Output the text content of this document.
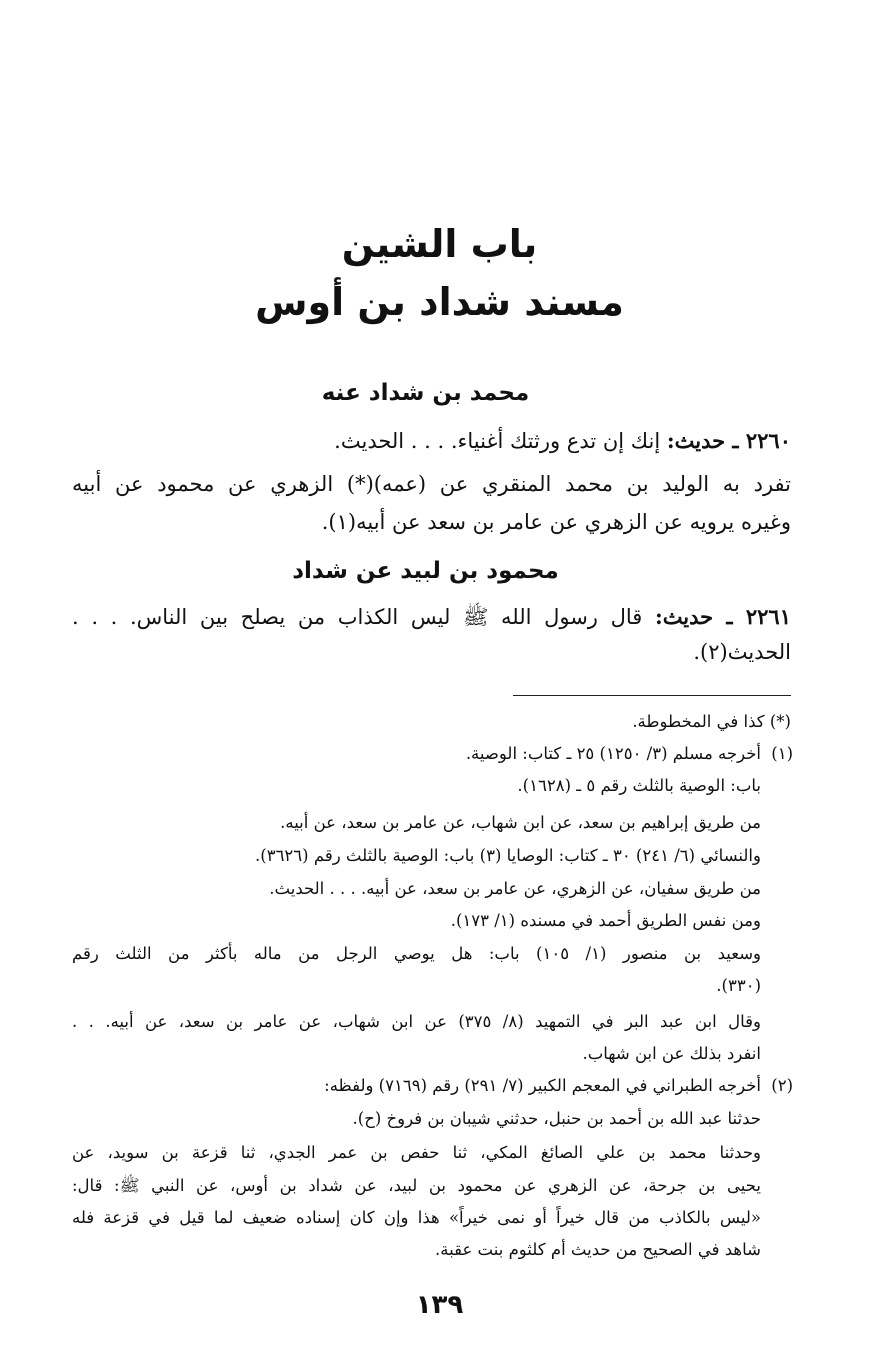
باب الشين
مسند شداد بن أوس
محمد بن شداد عنه
٢٢٦٠ ـ حديث: إنك إن تدع ورثتك أغنياء. . . . الحديث.
تفرد به الوليد بن محمد المنقري عن (عمه)(*) الزهري عن محمود عن أبيه
وغيره يرويه عن الزهري عن عامر بن سعد عن أبيه(١).
محمود بن لبيد عن شداد
٢٢٦١ ـ حديث: قال رسول الله ﷺ ليس الكذاب من يصلح بين الناس. . . .
الحديث(٢).
(*) كذا في المخطوطة.
(١)
أخرجه مسلم (٣/ ١٢٥٠) ٢٥ ـ كتاب: الوصية.
باب: الوصية بالثلث رقم ٥ ـ (١٦٢٨).
من طريق إبراهيم بن سعد، عن ابن شهاب، عن عامر بن سعد، عن أبيه.
والنسائي (٦/ ٢٤١) ٣٠ ـ كتاب: الوصايا (٣) باب: الوصية بالثلث رقم (٣٦٢٦).
من طريق سفيان، عن الزهري، عن عامر بن سعد، عن أبيه. . . . الحديث.
ومن نفس الطريق أحمد في مسنده (١/ ١٧٣).
وسعيد بن منصور (١/ ١٠٥) باب: هل يوصي الرجل من ماله بأكثر من الثلث رقم
(٣٣٠).
وقال ابن عبد البر في التمهيد (٨/ ٣٧٥) عن ابن شهاب، عن عامر بن سعد، عن أبيه. . .
انفرد بذلك عن ابن شهاب.
(٢)
أخرجه الطبراني في المعجم الكبير (٧/ ٢٩١) رقم (٧١٦٩) ولفظه:
حدثنا عبد الله بن أحمد بن حنبل، حدثني شيبان بن فروخ (ح).
وحدثنا محمد بن علي الصائغ المكي، ثنا حفص بن عمر الجدي، ثنا قزعة بن سويد، عن
يحيى بن جرحة، عن الزهري عن محمود بن لبيد، عن شداد بن أوس، عن النبي ﷺ: قال:
«ليس بالكاذب من قال خيراً أو نمى خيراً» هذا وإن كان إسناده ضعيف لما قيل في قزعة فله
شاهد في الصحيح من حديث أم كلثوم بنت عقبة.
١٣٩
